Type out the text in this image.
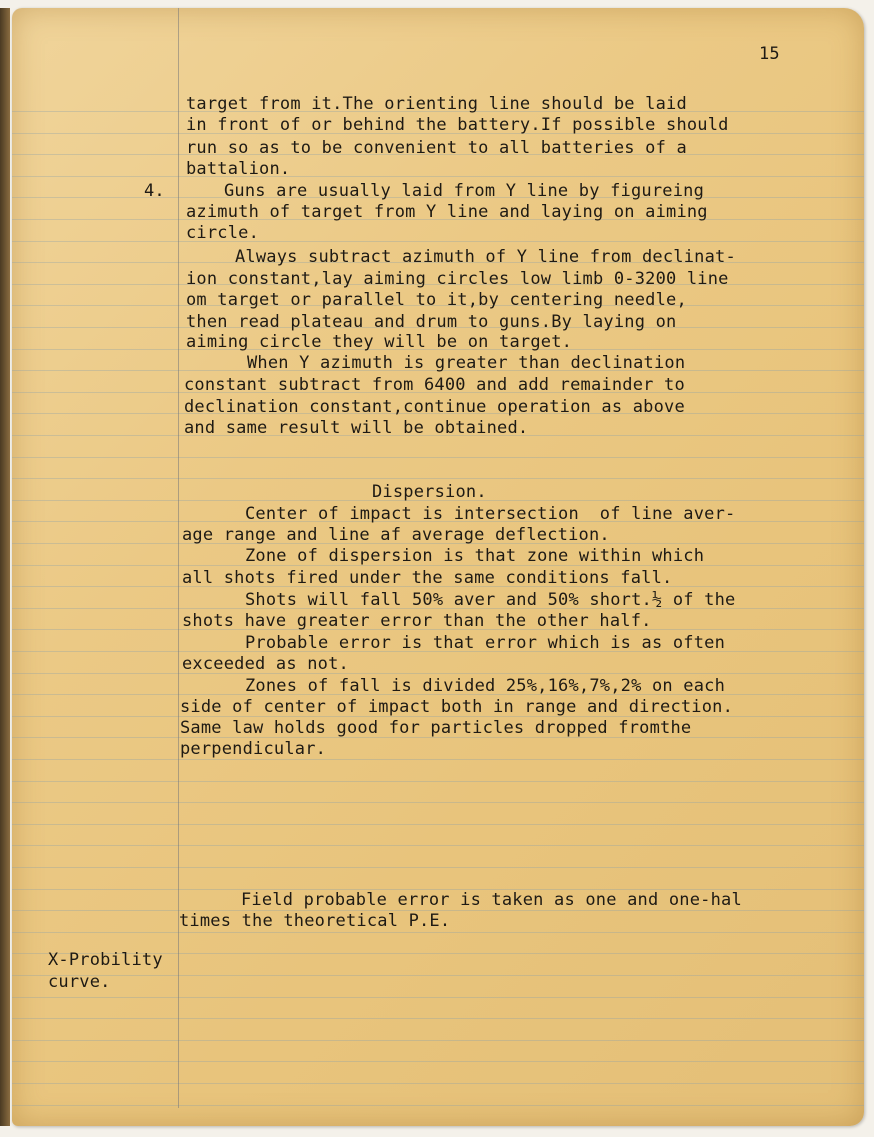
15
target from it.The orienting line should be laid
in front of or behind the battery.If possible should
run so as to be convenient to all batteries of a
battalion.
4.	Guns are usually laid from Y line by figureing
azimuth of target from Y line and laying on aiming
circle.
Always subtract azimuth of Y line from declinat-
ion constant,lay aiming circles low limb 0-3200 line
om target or parallel to it,by centering needle,
then read plateau and drum to guns.By laying on
aiming circle they will be on target.
When Y azimuth is greater than declination
constant subtract from 6400 and add remainder to
declination constant,continue operation as above
and same result will be obtained.
Dispersion.
Center of impact is intersection  of line aver-
age range and line af average deflection.
Zone of dispersion is that zone within which
all shots fired under the same conditions fall.
Shots will fall 50% aver and 50% short.½ of the
shots have greater error than the other half.
Probable error is that error which is as often
exceeded as not.
Zones of fall is divided 25%,16%,7%,2% on each
side of center of impact both in range and direction.
Same law holds good for particles dropped fromthe
perpendicular.
Field probable error is taken as one and one-hal
times the theoretical P.E.
X-Probility
curve.
